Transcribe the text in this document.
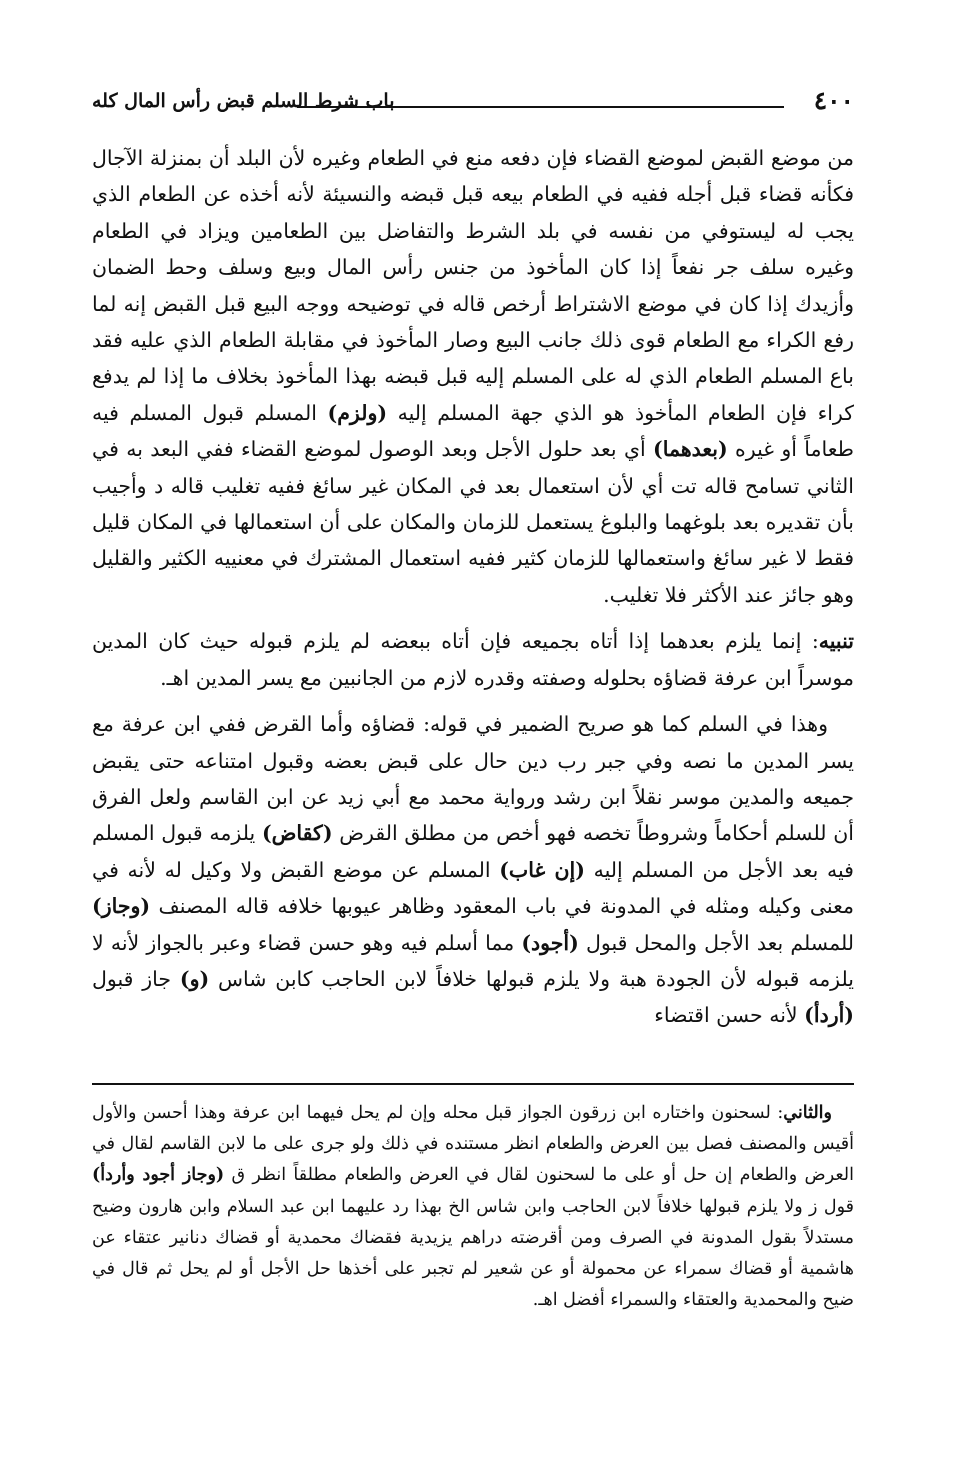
٤٠٠
باب شرط السلم قبض رأس المال كله

من موضع القبض لموضع القضاء فإن دفعه منع في الطعام وغيره لأن البلد أن بمنزلة الآجال فكأنه قضاء قبل أجله ففيه في الطعام بيعه قبل قبضه والنسيئة لأنه أخذه عن الطعام الذي يجب له ليستوفي من نفسه في بلد الشرط والتفاضل بين الطعامين ويزاد في الطعام وغيره سلف جر نفعاً إذا كان المأخوذ من جنس رأس المال وبيع وسلف وحط الضمان وأزيدك إذا كان في موضع الاشتراط أرخص قاله في توضيحه ووجه البيع قبل القبض إنه لما رفع الكراء مع الطعام قوى ذلك جانب البيع وصار المأخوذ في مقابلة الطعام الذي عليه فقد باع المسلم الطعام الذي له على المسلم إليه قبل قبضه بهذا المأخوذ بخلاف ما إذا لم يدفع كراء فإن الطعام المأخوذ هو الذي جهة المسلم إليه (ولزم) المسلم قبول المسلم فيه طعاماً أو غيره (بعدهما) أي بعد حلول الأجل وبعد الوصول لموضع القضاء ففي البعد به في الثاني تسامح قاله تت أي لأن استعمال بعد في المكان غير سائغ ففيه تغليب قاله د وأجيب بأن تقديره بعد بلوغهما والبلوغ يستعمل للزمان والمكان على أن استعمالها في المكان قليل فقط لا غير سائغ واستعمالها للزمان كثير ففيه استعمال المشترك في معنييه الكثير والقليل وهو جائز عند الأكثر فلا تغليب.

تنبيه: إنما يلزم بعدهما إذا أتاه بجميعه فإن أتاه ببعضه لم يلزم قبوله حيث كان المدين موسراً ابن عرفة قضاؤه بحلوله وصفته وقدره لازم من الجانبين مع يسر المدين اهـ.

وهذا في السلم كما هو صريح الضمير في قوله: قضاؤه وأما القرض ففي ابن عرفة مع يسر المدين ما نصه وفي جبر رب دين حال على قبض بعضه وقبول امتناعه حتى يقبض جميعه والمدين موسر نقلاً ابن رشد ورواية محمد مع أبي زيد عن ابن القاسم ولعل الفرق أن للسلم أحكاماً وشروطاً تخصه فهو أخص من مطلق القرض (كقاض) يلزمه قبول المسلم فيه بعد الأجل من المسلم إليه (إن غاب) المسلم عن موضع القبض ولا وكيل له لأنه في معنى وكيله ومثله في المدونة في باب المعقود وظاهر عيوبها خلافه قاله المصنف (وجاز) للمسلم بعد الأجل والمحل قبول (أجود) مما أسلم فيه وهو حسن قضاء وعبر بالجواز لأنه لا يلزمه قبوله لأن الجودة هبة ولا يلزم قبولها خلافاً لابن الحاجب كابن شاس (و) جاز قبول (أردأ) لأنه حسن اقتضاء

والثاني: لسحنون واختاره ابن زرقون الجواز قبل محله وإن لم يحل فيهما ابن عرفة وهذا أحسن والأول أقيس والمصنف فصل بين العرض والطعام انظر مستنده في ذلك ولو جرى على ما لابن القاسم لقال في العرض والطعام إن حل أو على ما لسحنون لقال في العرض والطعام مطلقاً انظر ق (وجاز أجود وأردأ) قول ز ولا يلزم قبولها خلافاً لابن الحاجب وابن شاس الخ بهذا رد عليهما ابن عبد السلام وابن هارون وضيح مستدلاً بقول المدونة في الصرف ومن أقرضته دراهم يزيدية فقضاك محمدية أو قضاك دنانير عتقاء عن هاشمية أو قضاك سمراء عن محمولة أو عن شعير لم تجبر على أخذها حل الأجل أو لم يحل ثم قال في ضيح والمحمدية والعتقاء والسمراء أفضل اهـ.
